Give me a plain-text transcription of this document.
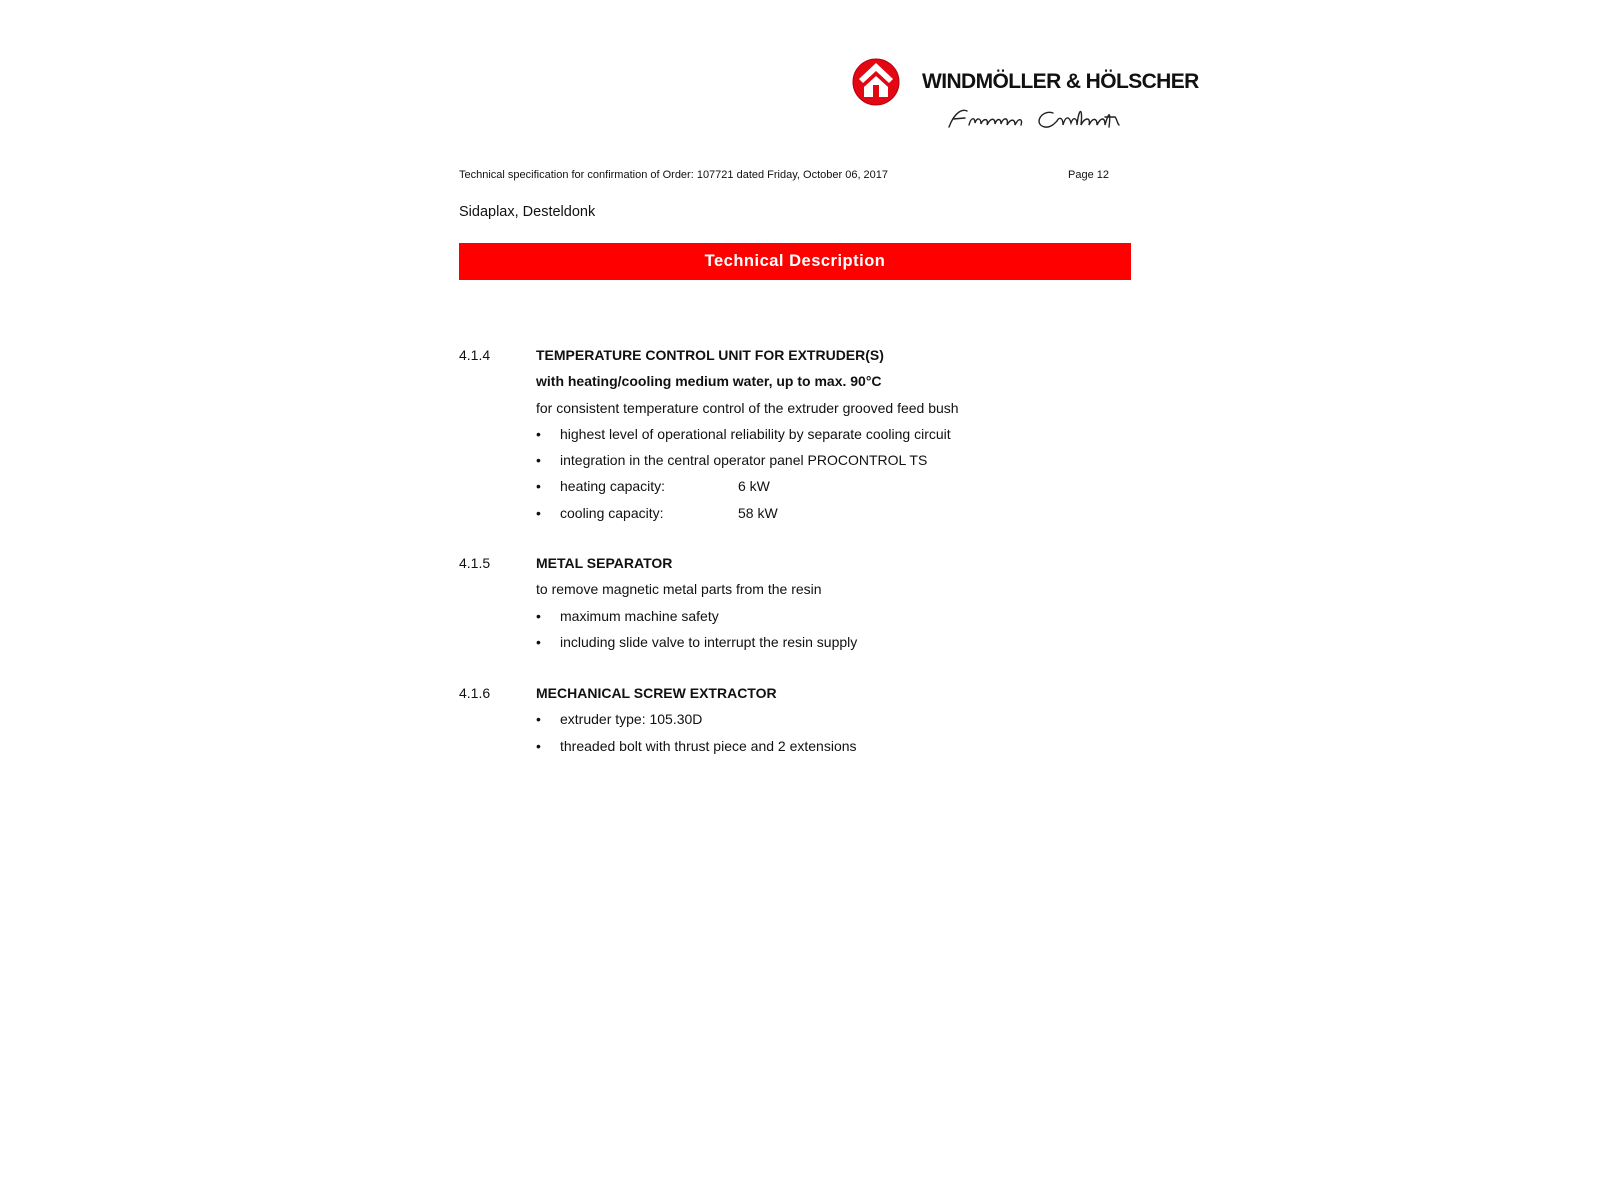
WINDMÖLLER & HÖLSCHER
Technical specification for confirmation of Order: 107721 dated Friday, October 06, 2017	Page 12
Sidaplax, Desteldonk
Technical Description
4.1.4	TEMPERATURE CONTROL UNIT FOR EXTRUDER(S)
with heating/cooling medium water, up to max. 90°C
for consistent temperature control of the extruder grooved feed bush
• highest level of operational reliability by separate cooling circuit
• integration in the central operator panel PROCONTROL TS
• heating capacity:	6 kW
• cooling capacity:	58 kW
4.1.5	METAL SEPARATOR
to remove magnetic metal parts from the resin
• maximum machine safety
• including slide valve to interrupt the resin supply
4.1.6	MECHANICAL SCREW EXTRACTOR
• extruder type: 105.30D
• threaded bolt with thrust piece and 2 extensions
